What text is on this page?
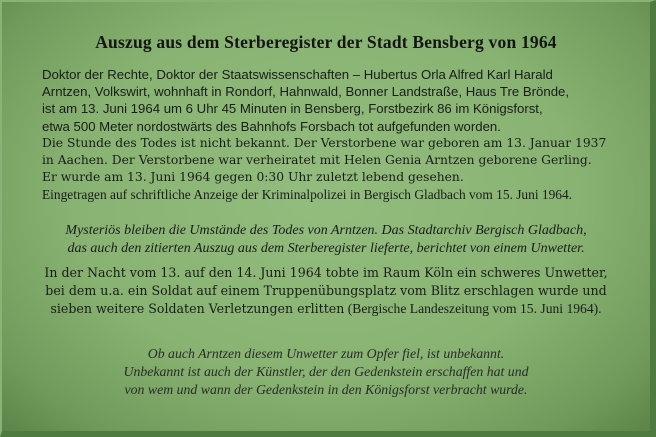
Auszug aus dem Sterberegister der Stadt Bensberg von 1964
Doktor der Rechte, Doktor der Staatswissenschaften – Hubertus Orla Alfred Karl Harald
Arntzen, Volkswirt, wohnhaft in Rondorf, Hahnwald, Bonner Landstraße, Haus Tre Brönde,
ist am 13. Juni 1964 um 6 Uhr 45 Minuten in Bensberg, Forstbezirk 86 im Königsforst,
etwa 500 Meter nordostwärts des Bahnhofs Forsbach tot aufgefunden worden.
Die Stunde des Todes ist nicht bekannt. Der Verstorbene war geboren am 13. Januar 1937
in Aachen. Der Verstorbene war verheiratet mit Helen Genia Arntzen geborene Gerling.
Er wurde am 13. Juni 1964 gegen 0:30 Uhr zuletzt lebend gesehen.
Eingetragen auf schriftliche Anzeige der Kriminalpolizei in Bergisch Gladbach vom 15. Juni 1964.
Mysteriös bleiben die Umstände des Todes von Arntzen. Das Stadtarchiv Bergisch Gladbach,
das auch den zitierten Auszug aus dem Sterberegister lieferte, berichtet von einem Unwetter.
In der Nacht vom 13. auf den 14. Juni 1964 tobte im Raum Köln ein schweres Unwetter,
bei dem u.a. ein Soldat auf einem Truppenübungsplatz vom Blitz erschlagen wurde und
sieben weitere Soldaten Verletzungen erlitten (Bergische Landeszeitung vom 15. Juni 1964).
Ob auch Arntzen diesem Unwetter zum Opfer fiel, ist unbekannt.
Unbekannt ist auch der Künstler, der den Gedenkstein erschaffen hat und
von wem und wann der Gedenkstein in den Königsforst verbracht wurde.
